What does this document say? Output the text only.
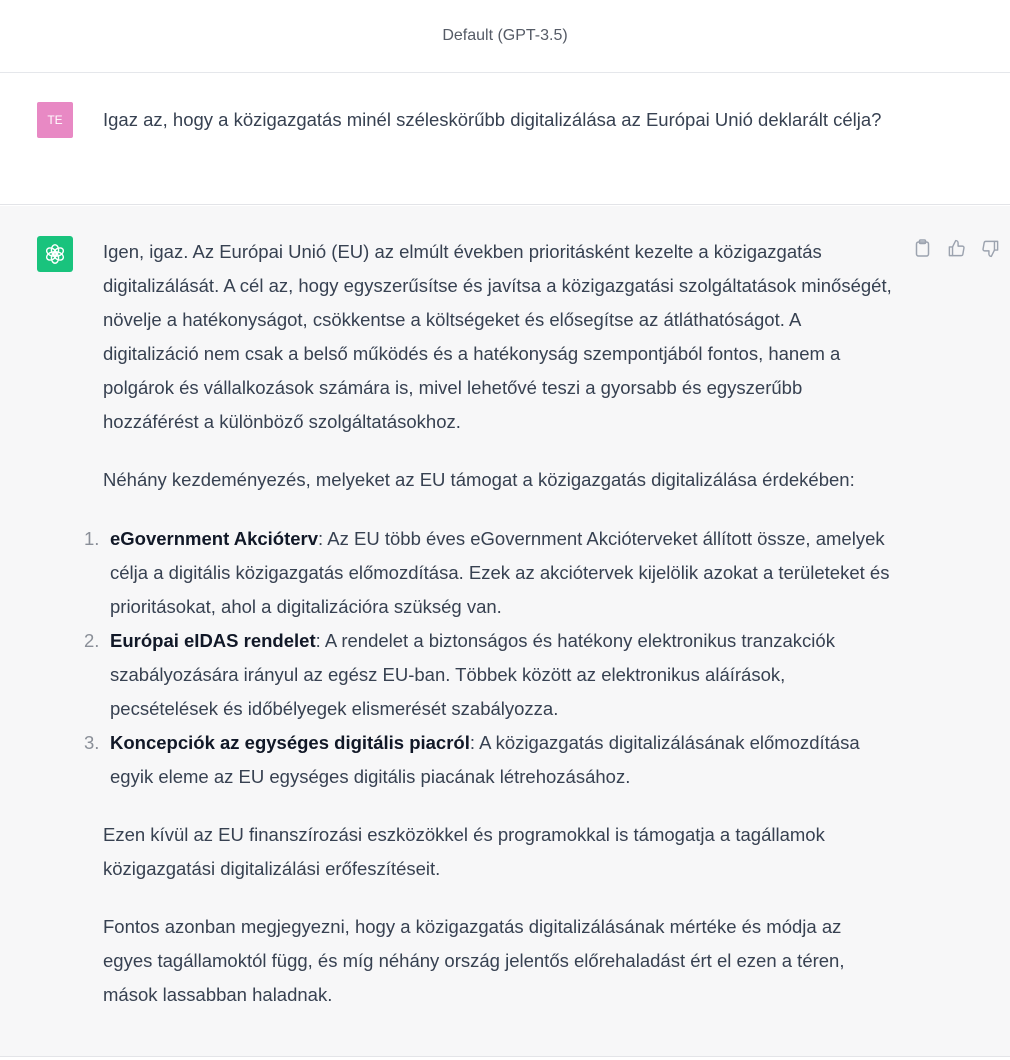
Default (GPT-3.5)
TE Igaz az, hogy a közigazgatás minél széleskörűbb digitalizálása az Európai Unió deklarált célja?

Igen, igaz. Az Európai Unió (EU) az elmúlt években prioritásként kezelte a közigazgatás digitalizálását. A cél az, hogy egyszerűsítse és javítsa a közigazgatási szolgáltatások minőségét, növelje a hatékonyságot, csökkentse a költségeket és elősegítse az átláthatóságot. A digitalizáció nem csak a belső működés és a hatékonyság szempontjából fontos, hanem a polgárok és vállalkozások számára is, mivel lehetővé teszi a gyorsabb és egyszerűbb hozzáférést a különböző szolgáltatásokhoz.

Néhány kezdeményezés, melyeket az EU támogat a közigazgatás digitalizálása érdekében:

1. eGovernment Akcióterv: Az EU több éves eGovernment Akcióterveket állított össze, amelyek célja a digitális közigazgatás előmozdítása. Ezek az akciótervek kijelölik azokat a területeket és prioritásokat, ahol a digitalizációra szükség van.
2. Európai eIDAS rendelet: A rendelet a biztonságos és hatékony elektronikus tranzakciók szabályozására irányul az egész EU-ban. Többek között az elektronikus aláírások, pecsételések és időbélyegek elismerését szabályozza.
3. Koncepciók az egységes digitális piacról: A közigazgatás digitalizálásának előmozdítása egyik eleme az EU egységes digitális piacának létrehozásához.

Ezen kívül az EU finanszírozási eszközökkel és programokkal is támogatja a tagállamok közigazgatási digitalizálási erőfeszítéseit.

Fontos azonban megjegyezni, hogy a közigazgatás digitalizálásának mértéke és módja az egyes tagállamoktól függ, és míg néhány ország jelentős előrehaladást ért el ezen a téren, mások lassabban haladnak.
